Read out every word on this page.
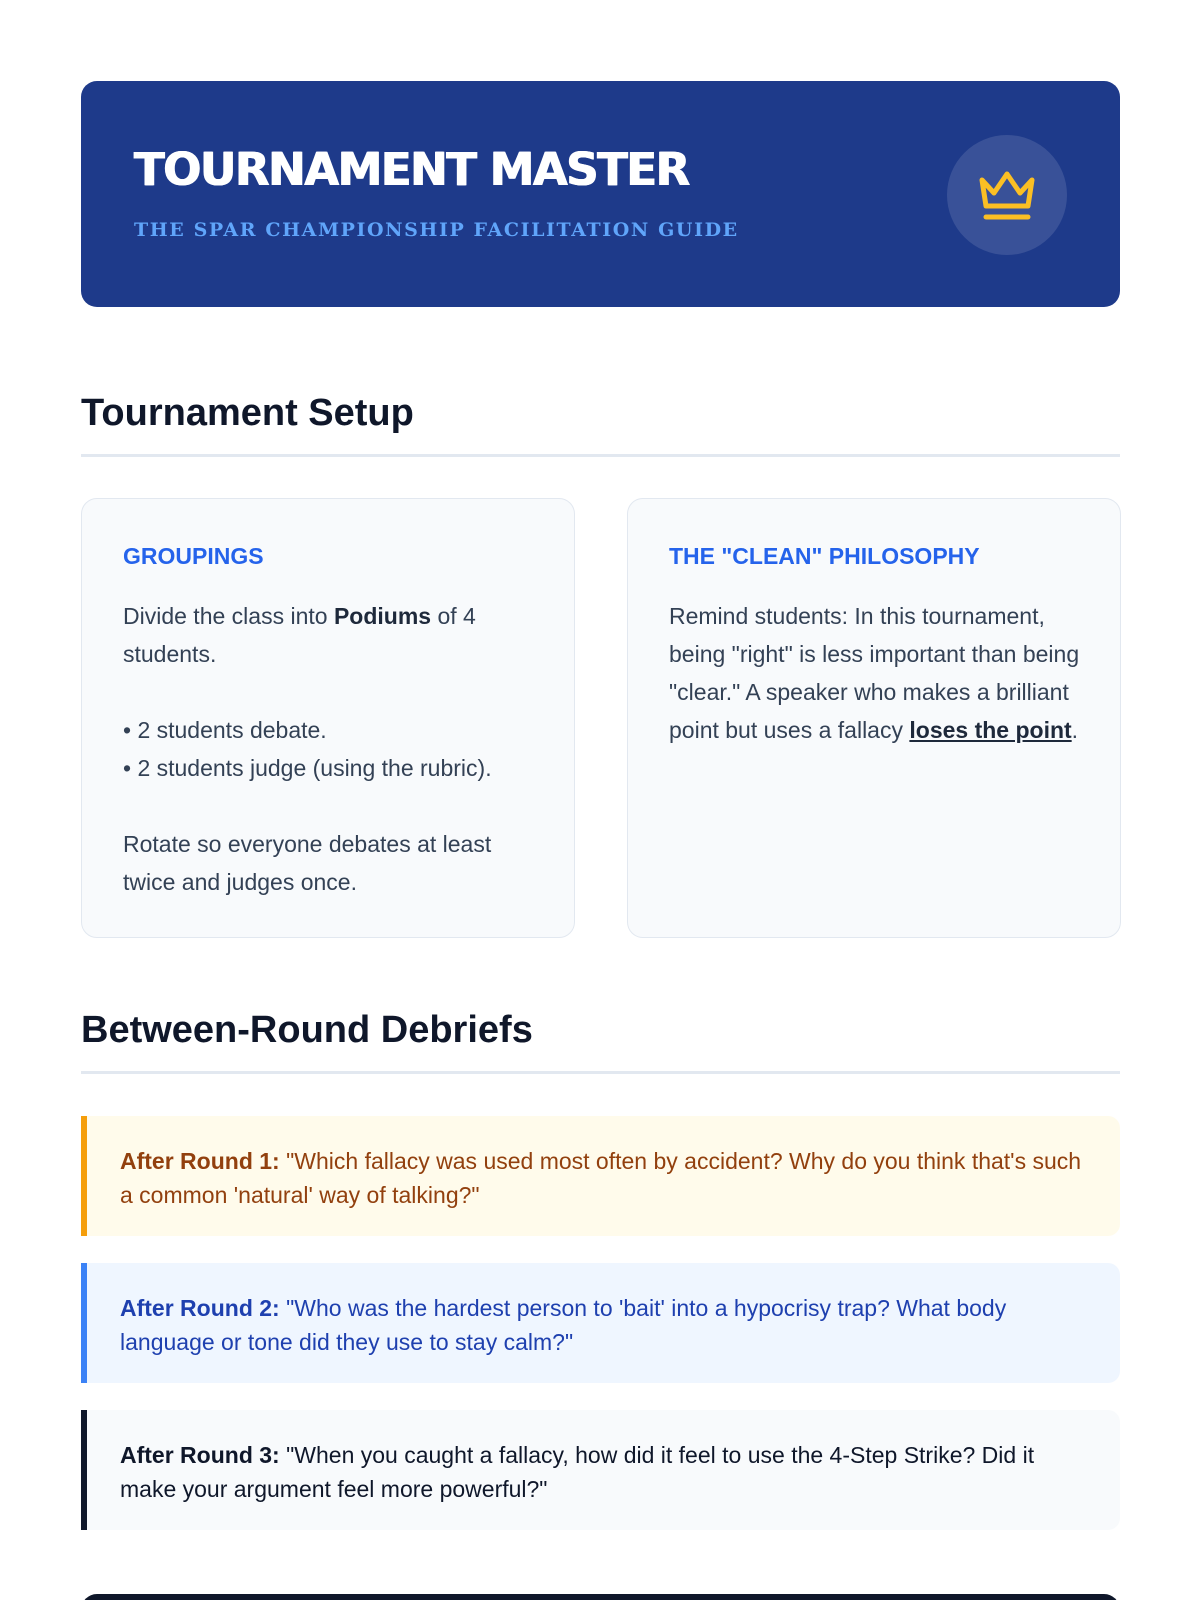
TOURNAMENT MASTER

THE SPAR CHAMPIONSHIP FACILITATION GUIDE

Tournament Setup
GROUPINGS

Divide the class into Podiums of 4 students.

• 2 students debate.
• 2 students judge (using the rubric).

Rotate so everyone debates at least twice and judges once.

THE "CLEAN" PHILOSOPHY

Remind students: In this tournament, being "right" is less important than being "clear." A speaker who makes a brilliant point but uses a fallacy loses the point.

Between-Round Debriefs
After Round 1: "Which fallacy was used most often by accident? Why do you think that's such a common 'natural' way of talking?"
After Round 2: "Who was the hardest person to 'bait' into a hypocrisy trap? What body language or tone did they use to stay calm?"
After Round 3: "When you caught a fallacy, how did it feel to use the 4-Step Strike? Did it make your argument feel more powerful?"
